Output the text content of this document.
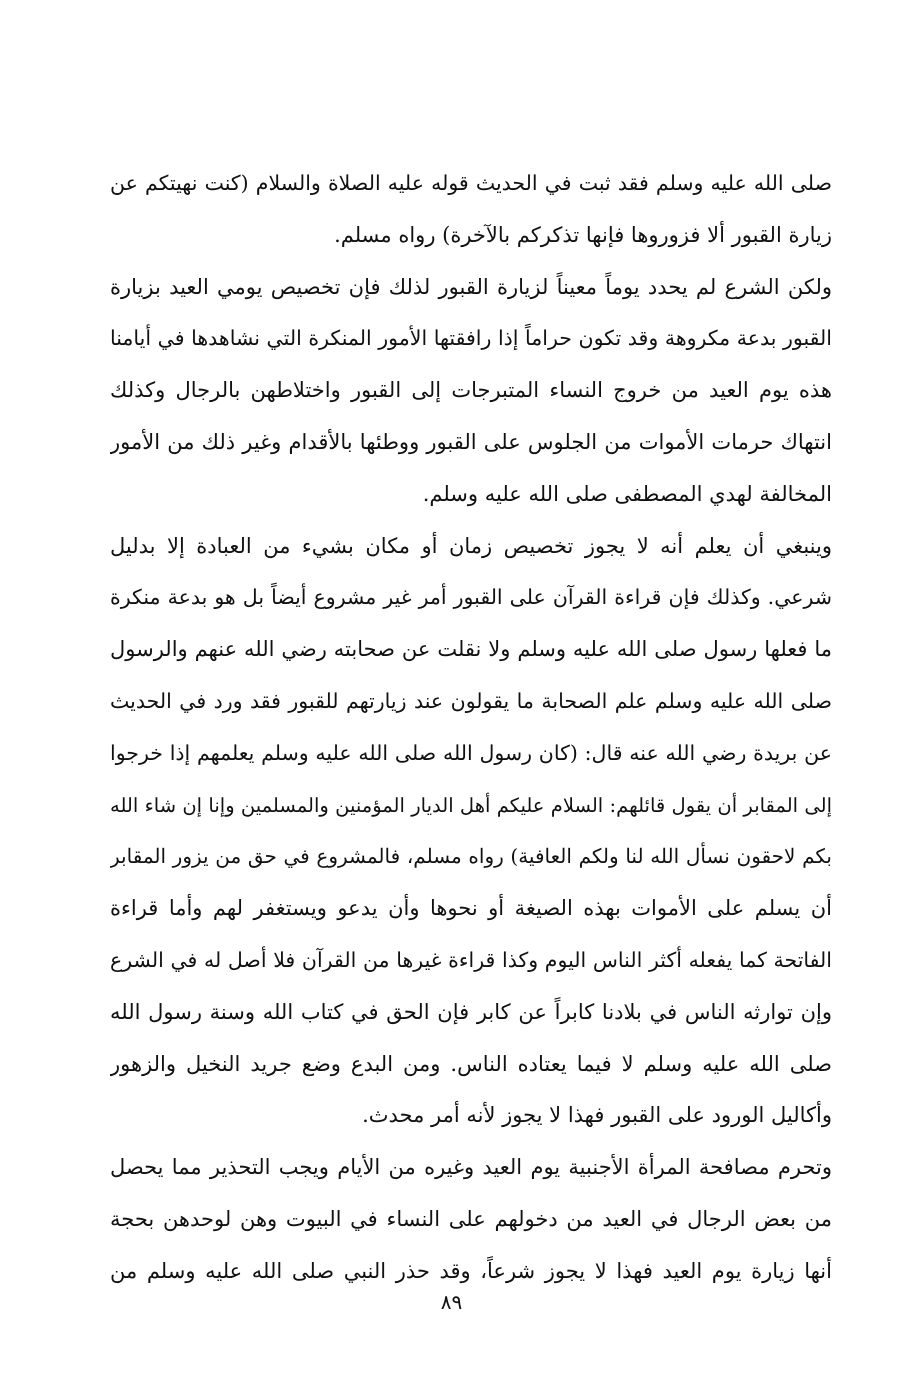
صلى الله عليه وسلم فقد ثبت في الحديث قوله عليه الصلاة والسلام (كنت نهيتكم عن
زيارة القبور ألا فزوروها فإنها تذكركم بالآخرة) رواه مسلم.
ولكن الشرع لم يحدد يوماً معيناً لزيارة القبور لذلك فإن تخصيص يومي العيد بزيارة
القبور بدعة مكروهة وقد تكون حراماً إذا رافقتها الأمور المنكرة التي نشاهدها في أيامنا
هذه يوم العيد من خروج النساء المتبرجات إلى القبور واختلاطهن بالرجال وكذلك
انتهاك حرمات الأموات من الجلوس على القبور ووطئها بالأقدام وغير ذلك من الأمور
المخالفة لهدي المصطفى صلى الله عليه وسلم.
وينبغي أن يعلم أنه لا يجوز تخصيص زمان أو مكان بشيء من العبادة إلا بدليل
شرعي. وكذلك فإن قراءة القرآن على القبور أمر غير مشروع أيضاً بل هو بدعة منكرة
ما فعلها رسول صلى الله عليه وسلم ولا نقلت عن صحابته رضي الله عنهم والرسول
صلى الله عليه وسلم علم الصحابة ما يقولون عند زيارتهم للقبور فقد ورد في الحديث
عن بريدة رضي الله عنه قال: (كان رسول الله صلى الله عليه وسلم يعلمهم إذا خرجوا
إلى المقابر أن يقول قائلهم: السلام عليكم أهل الديار المؤمنين والمسلمين وإنا إن شاء الله
بكم لاحقون نسأل الله لنا ولكم العافية) رواه مسلم، فالمشروع في حق من يزور المقابر
أن يسلم على الأموات بهذه الصيغة أو نحوها وأن يدعو ويستغفر لهم وأما قراءة
الفاتحة كما يفعله أكثر الناس اليوم وكذا قراءة غيرها من القرآن فلا أصل له في الشرع
وإن توارثه الناس في بلادنا كابراً عن كابر فإن الحق في كتاب الله وسنة رسول الله
صلى الله عليه وسلم لا فيما يعتاده الناس. ومن البدع وضع جريد النخيل والزهور
وأكاليل الورود على القبور فهذا لا يجوز لأنه أمر محدث.
وتحرم مصافحة المرأة الأجنبية يوم العيد وغيره من الأيام ويجب التحذير مما يحصل
من بعض الرجال في العيد من دخولهم على النساء في البيوت وهن لوحدهن بحجة
أنها زيارة يوم العيد فهذا لا يجوز شرعاً، وقد حذر النبي صلى الله عليه وسلم من
٨٩
